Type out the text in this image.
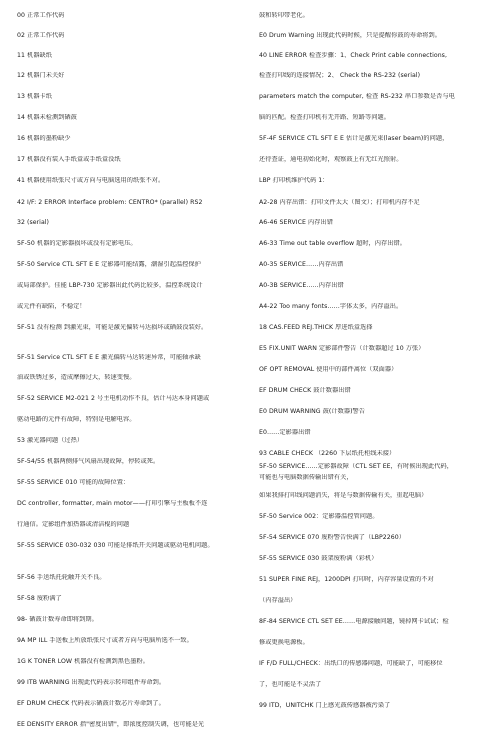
00 正常工作代码
02 正常工作代码
11 机器缺纸
12 机器门未关好
13 机器卡纸
14 机器未检测到硒鼓
16 机器的墨粉缺少
17 机器没有装入手纸盒或手纸盒没纸
41 机器使用纸张尺寸或方向与电脑选用的纸张不对。
42 I/F: 2 ERROR Interface problem: CENTRO* (parallel) RS2
32 (serial)
5F-50 机器的定影器损坏或没有定影电压。
5F-50 Service CTL SFT E E 定影器可能结露，潮湿引起温控保护
或局部保护。佳能 LBP-730 定影器出此代码比较多，温控系统设计
或元件有缺陷，不稳定！
5F-51 没有检测 到激光束，可能是激光偏转马达损坏或硒鼓没装好。
5F-51 Service CTL SFT E E 激光偏转马达转速异常，可能轴承缺
油或铁锈过多，造成摩擦过大，转速变慢。
5F-52 SERVICE M2-021 2 号主电机动作不良，估计马达本身问题或
驱动电路的元件有故障，特别是电解电容。
53 激光器问题（过热）
5F-54/55 机器两侧排气风扇出现故障，停转或死。
5F-55 SERVICE 010 可能的故障位置：
DC controller, formatter, main motor——打印引擎与主板板不连
行通信。定影组件加热器或清洁棍的问题
5F-55 SERVICE 030-032 030 可能是排纸开关问题或驱动电机问题。
5F-56 手送纸托轮触开关不良。
5F-58 废粉满了
98- 硒鼓计数寿命即将到期。
9A MP ILL 手送板上所放纸张尺寸或者方向与电脑所选不一致。
1G K TONER LOW 机器没有检测到黑色墨粉。
99 ITB WARNING 出现此代码表示转印组件寿命到。
EF DRUM CHECK 代码表示硒鼓计数芯片寿命到了。
EE DENSITY ERROR 指"密度出错"，即浓度控制失调，也可能是光
鼓和转印带老化。
E0 Drum Warning 出现此代码时候，只是提醒你鼓的寿命将到。
40 LINE ERROR 检查步骤：1、Check Print cable connections,
检查打印线的连接情况；2、 Check the RS-232 (serial)
parameters match the computer, 检查 RS-232 串口参数是否与电
脑的匹配。检查打印机有无开路、短路等问题。
5F-4F SERVICE CTL SFT E E 估计是激光束(laser beam)的问题，
还待查证，通电初始化时，观察鼓上有无红光照射。
LBP 打印机维护代码 1：
A2-28 内存出错：打印文件太大（图文）；打印机内存不足
A6-46 SERVICE 内存出错
A6-33 Time out table overflow 超时，内存出错。
A0-35 SERVICE……内存出错
A0-3B SERVICE……内存出错
A4-22 Too many fonts……字体太多，内存溢出。
18 CAS.FEED REJ.THICK 厚进纸盒选择
E5 FIX.UNIT WARN 定影部件警告（计数器超过 10 万张）
OF OPT REMOVAL 使用中的部件离位（双面器）
EF DRUM CHECK 鼓计数器出错
E0 DRUM WARNING 鼓(计数器)警告
E0……定影器出错
93 CABLE CHECK （2260 下层纸托柜线未接）
5F-50 SERVICE……定影器故障（CTL SET EE，有时候出现此代码，
可能也与电脑数据传输出错有关，
如果我排打印线问题消失，将是与数据传输有关，重起电脑）
5F-50 Service 002：定影器温控管问题。
5F-54 SERVICE 070 废粉警告快满了（LBP2260）
5F-55 SERVICE 030 鼓架废粉满（彩机）
51 SUPER FINE REJ，1200DPI 打印时，内存容量设置的不对
（内存溢出）
8F-84 SERVICE CTL SET EE……电源接触问题，镜掉网卡试试；检
修或更换电源板。
IF F/D FULL/CHECK：出纸口的传感器问题，可能缺了，可能移位
了，也可能是不灵活了
99 ITD，UNITCHK 门上感光鼓传感器被污染了
